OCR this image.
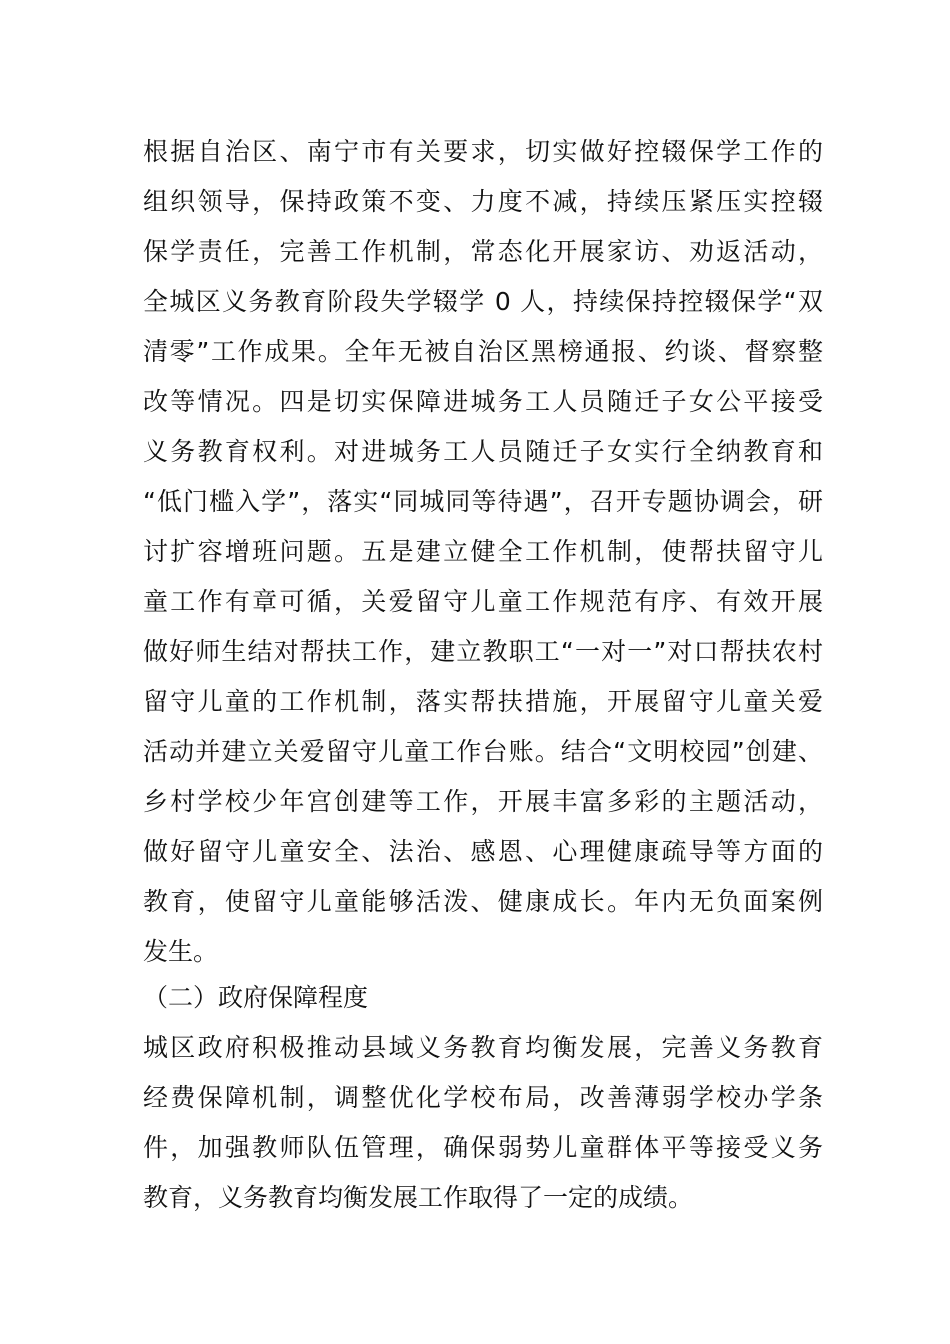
根据自治区、南宁市有关要求，切实做好控辍保学工作的
组织领导，保持政策不变、力度不减，持续压紧压实控辍
保学责任，完善工作机制，常态化开展家访、劝返活动，
全城区义务教育阶段失学辍学 0 人，持续保持控辍保学“双
清零”工作成果。全年无被自治区黑榜通报、约谈、督察整
改等情况。四是切实保障进城务工人员随迁子女公平接受
义务教育权利。对进城务工人员随迁子女实行全纳教育和
“低门槛入学”，落实“同城同等待遇”，召开专题协调会，研
讨扩容增班问题。五是建立健全工作机制，使帮扶留守儿
童工作有章可循，关爱留守儿童工作规范有序、有效开展
做好师生结对帮扶工作，建立教职工“一对一”对口帮扶农村
留守儿童的工作机制，落实帮扶措施，开展留守儿童关爱
活动并建立关爱留守儿童工作台账。结合“文明校园”创建、
乡村学校少年宫创建等工作，开展丰富多彩的主题活动，
做好留守儿童安全、法治、感恩、心理健康疏导等方面的
教育，使留守儿童能够活泼、健康成长。年内无负面案例
发生。
（二）政府保障程度
城区政府积极推动县域义务教育均衡发展，完善义务教育
经费保障机制，调整优化学校布局，改善薄弱学校办学条
件，加强教师队伍管理，确保弱势儿童群体平等接受义务
教育，义务教育均衡发展工作取得了一定的成绩。
